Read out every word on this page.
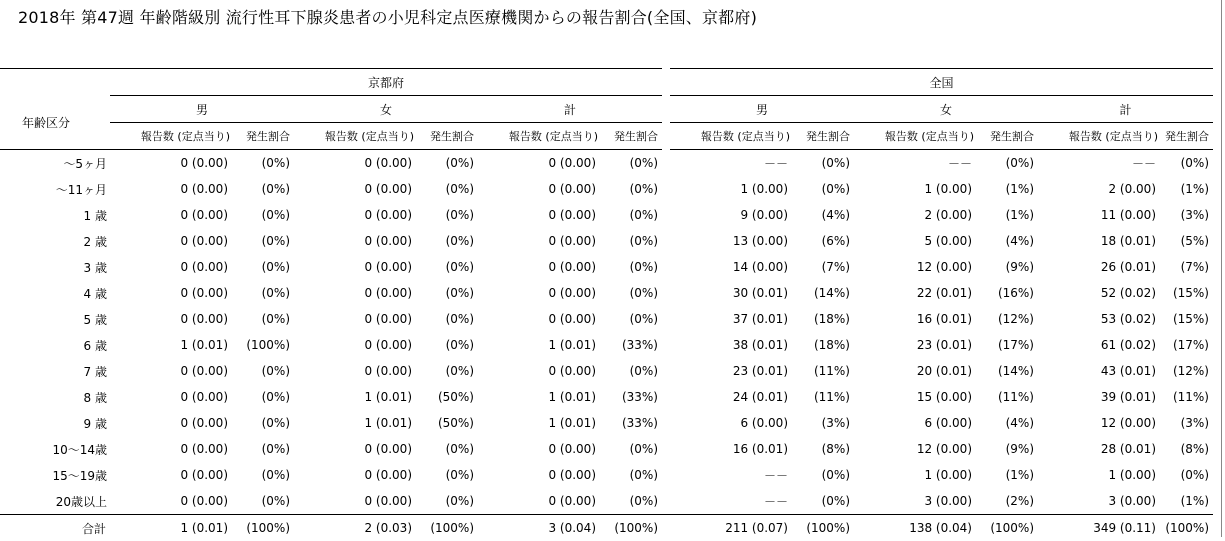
2018年 第47週 年齢階級別 流行性耳下腺炎患者の小児科定点医療機関からの報告割合(全国、京都府)
	京都府							全国					
年齢区分	男		女		計			男		女		計	
	報告数 (定点当り)	発生割合	報告数 (定点当り)	発生割合	報告数 (定点当り)	発生割合		報告数 (定点当り)	発生割合	報告数 (定点当り)	発生割合	報告数 (定点当り)	発生割合
～5ヶ月	0 (0.00)	(0%)	0 (0.00)	(0%)	0 (0.00)	(0%)		－－	(0%)	－－	(0%)	－－	(0%)
～11ヶ月	0 (0.00)	(0%)	0 (0.00)	(0%)	0 (0.00)	(0%)		1 (0.00)	(0%)	1 (0.00)	(1%)	2 (0.00)	(1%)
1 歳	0 (0.00)	(0%)	0 (0.00)	(0%)	0 (0.00)	(0%)		9 (0.00)	(4%)	2 (0.00)	(1%)	11 (0.00)	(3%)
2 歳	0 (0.00)	(0%)	0 (0.00)	(0%)	0 (0.00)	(0%)		13 (0.00)	(6%)	5 (0.00)	(4%)	18 (0.01)	(5%)
3 歳	0 (0.00)	(0%)	0 (0.00)	(0%)	0 (0.00)	(0%)		14 (0.00)	(7%)	12 (0.00)	(9%)	26 (0.01)	(7%)
4 歳	0 (0.00)	(0%)	0 (0.00)	(0%)	0 (0.00)	(0%)		30 (0.01)	(14%)	22 (0.01)	(16%)	52 (0.02)	(15%)
5 歳	0 (0.00)	(0%)	0 (0.00)	(0%)	0 (0.00)	(0%)		37 (0.01)	(18%)	16 (0.01)	(12%)	53 (0.02)	(15%)
6 歳	1 (0.01)	(100%)	0 (0.00)	(0%)	1 (0.01)	(33%)		38 (0.01)	(18%)	23 (0.01)	(17%)	61 (0.02)	(17%)
7 歳	0 (0.00)	(0%)	0 (0.00)	(0%)	0 (0.00)	(0%)		23 (0.01)	(11%)	20 (0.01)	(14%)	43 (0.01)	(12%)
8 歳	0 (0.00)	(0%)	1 (0.01)	(50%)	1 (0.01)	(33%)		24 (0.01)	(11%)	15 (0.00)	(11%)	39 (0.01)	(11%)
9 歳	0 (0.00)	(0%)	1 (0.01)	(50%)	1 (0.01)	(33%)		6 (0.00)	(3%)	6 (0.00)	(4%)	12 (0.00)	(3%)
10～14歳	0 (0.00)	(0%)	0 (0.00)	(0%)	0 (0.00)	(0%)		16 (0.01)	(8%)	12 (0.00)	(9%)	28 (0.01)	(8%)
15～19歳	0 (0.00)	(0%)	0 (0.00)	(0%)	0 (0.00)	(0%)		－－	(0%)	1 (0.00)	(1%)	1 (0.00)	(0%)
20歳以上	0 (0.00)	(0%)	0 (0.00)	(0%)	0 (0.00)	(0%)		－－	(0%)	3 (0.00)	(2%)	3 (0.00)	(1%)
合計	1 (0.01)	(100%)	2 (0.03)	(100%)	3 (0.04)	(100%)		211 (0.07)	(100%)	138 (0.04)	(100%)	349 (0.11)	(100%)
